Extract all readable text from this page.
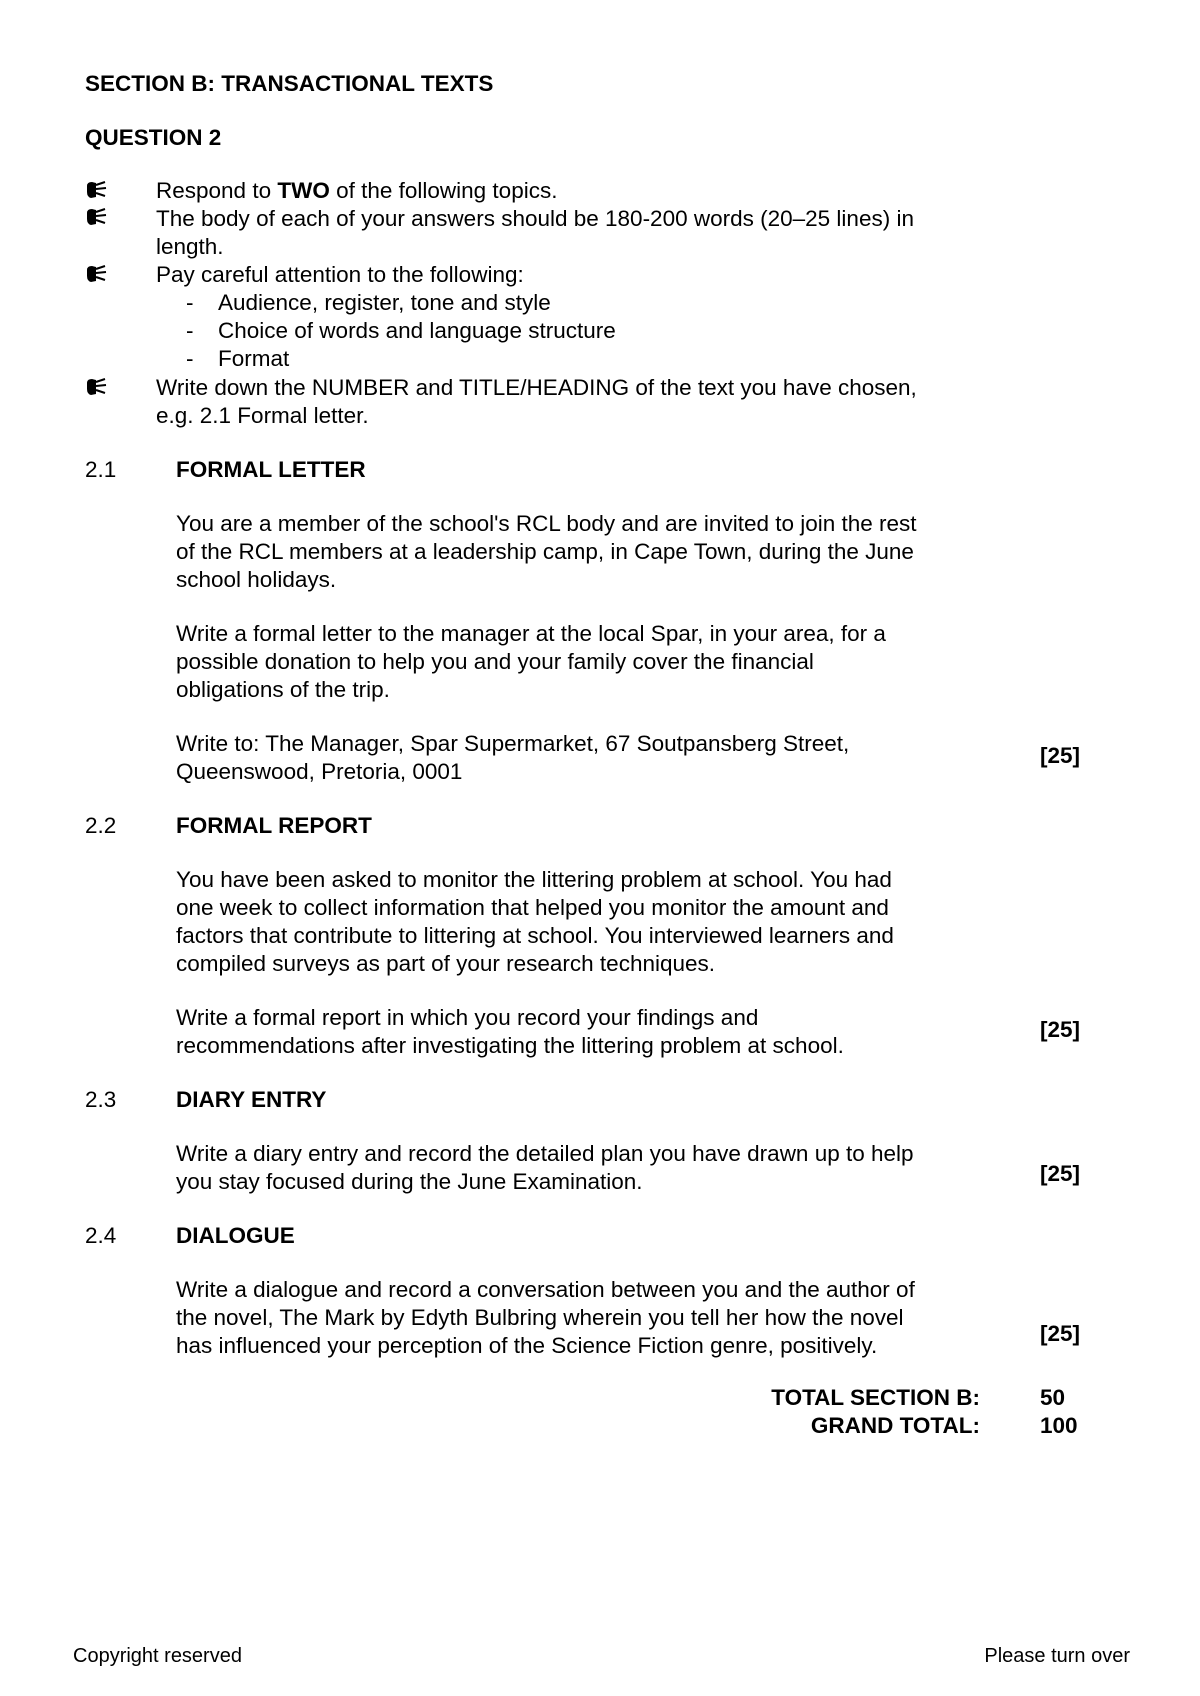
SECTION B: TRANSACTIONAL TEXTS
QUESTION 2
Respond to TWO of the following topics.
The body of each of your answers should be 180-200 words (20–25 lines) in
length.
Pay careful attention to the following:
- Audience, register, tone and style
- Choice of words and language structure
- Format
Write down the NUMBER and TITLE/HEADING of the text you have chosen,
e.g. 2.1 Formal letter.
2.1	FORMAL LETTER
You are a member of the school's RCL body and are invited to join the rest
of the RCL members at a leadership camp, in Cape Town, during the June
school holidays.
Write a formal letter to the manager at the local Spar, in your area, for a
possible donation to help you and your family cover the financial
obligations of the trip.
Write to: The Manager, Spar Supermarket, 67 Soutpansberg Street,
Queenswood, Pretoria, 0001
[25]
2.2	FORMAL REPORT
You have been asked to monitor the littering problem at school. You had
one week to collect information that helped you monitor the amount and
factors that contribute to littering at school. You interviewed learners and
compiled surveys as part of your research techniques.
Write a formal report in which you record your findings and
recommendations after investigating the littering problem at school.
[25]
2.3	DIARY ENTRY
Write a diary entry and record the detailed plan you have drawn up to help
you stay focused during the June Examination.	[25]
2.4	DIALOGUE
Write a dialogue and record a conversation between you and the author of
the novel, The Mark by Edyth Bulbring wherein you tell her how the novel
has influenced your perception of the Science Fiction genre, positively.	[25]
TOTAL SECTION B:	50
GRAND TOTAL:	100
Copyright reserved	Please turn over
